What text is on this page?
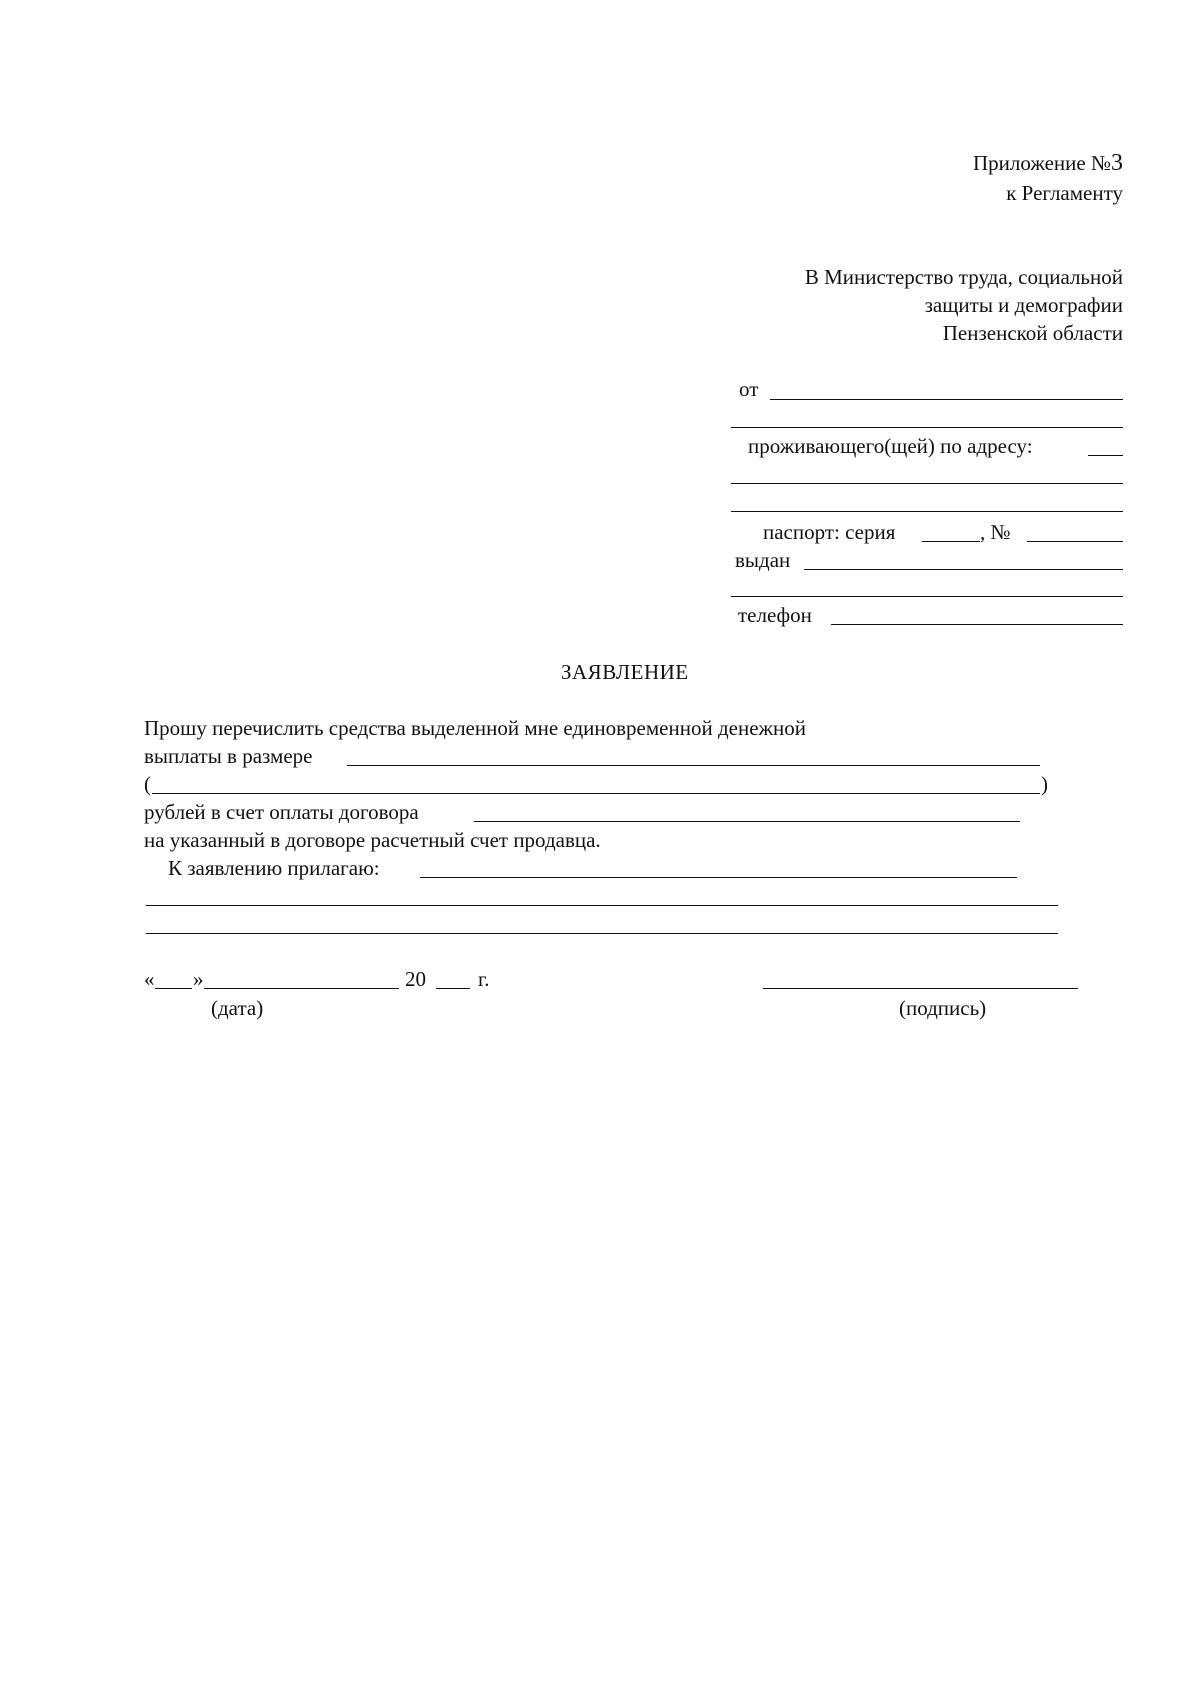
Приложение №3
к Регламенту
В Министерство труда, социальной
защиты и демографии
Пензенской области
от
проживающего(щей) по адресу:
паспорт: серия	, №
выдан
телефон
ЗАЯВЛЕНИЕ
Прошу перечислить средства выделенной мне единовременной денежной
выплаты в размере
(	)
рублей в счет оплаты договора
на указанный в договоре расчетный счет продавца.
К заявлению прилагаю:
« »	20 г.
(дата)	(подпись)
